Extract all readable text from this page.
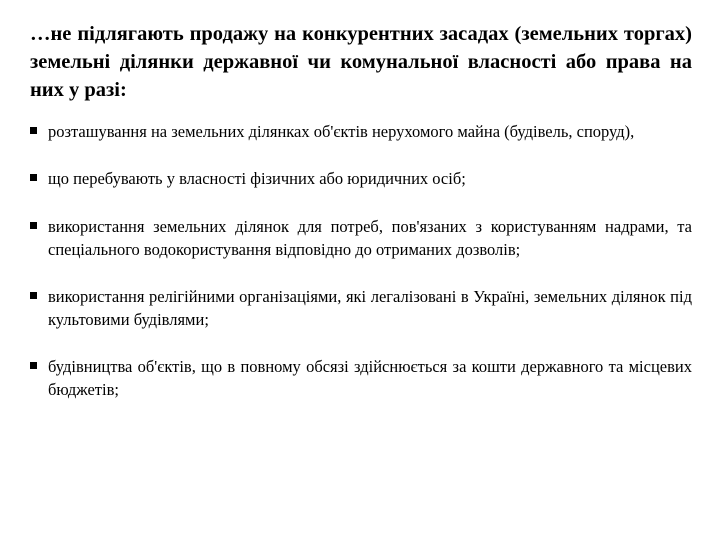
…не підлягають продажу на конкурентних засадах (земельних торгах) земельні ділянки державної чи комунальної власності або права на них у разі:

розташування на земельних ділянках об'єктів нерухомого майна (будівель, споруд),
що перебувають у власності фізичних або юридичних осіб;
використання земельних ділянок для потреб, пов'язаних з користуванням надрами, та спеціального водокористування відповідно до отриманих дозволів;
використання релігійними організаціями, які легалізовані в Україні, земельних ділянок під культовими будівлями;
будівництва об'єктів, що в повному обсязі здійснюється за кошти державного та місцевих бюджетів;
